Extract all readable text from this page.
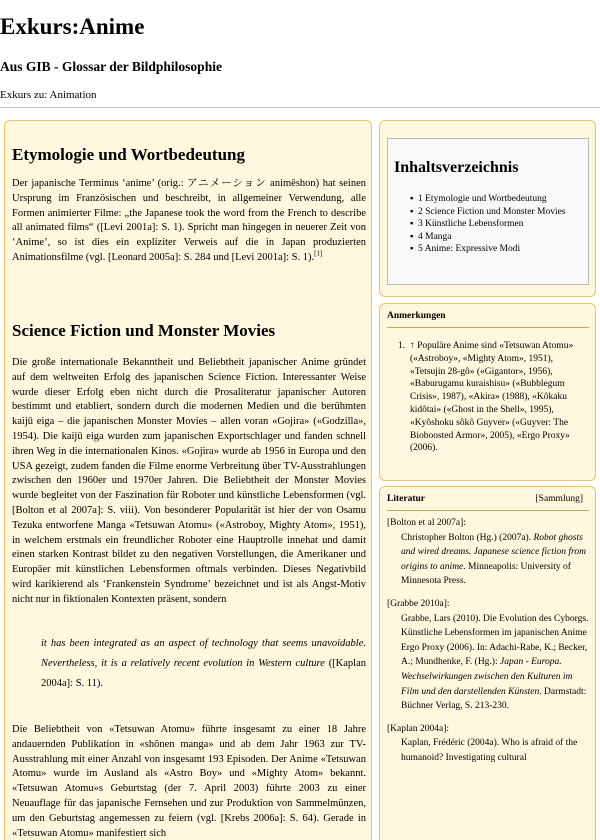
Exkurs:Anime
Aus GIB - Glossar der Bildphilosophie
Exkurs zu: Animation
Etymologie und Wortbedeutung
Der japanische Terminus ‘anime’ (orig.: アニメーション animêshon) hat seinen Ursprung im Französischen und beschreibt, in allgemeiner Verwendung, alle Formen animierter Filme: „the Japanese took the word from the French to describe all animated films“ ([Levi 2001a]: S. 1). Spricht man hingegen in neuerer Zeit von ‘Anime’, so ist dies ein expliziter Verweis auf die in Japan produzierten Animationsfilme (vgl. [Leonard 2005a]: S. 284 und [Levi 2001a]: S. 1).[1]
Science Fiction und Monster Movies
Die große internationale Bekanntheit und Beliebtheit japanischer Anime gründet auf dem weltweiten Erfolg des japanischen Science Fiction. Interessanter Weise wurde dieser Erfolg eben nicht durch die Prosaliteratur japanischer Autoren bestimmt und etabliert, sondern durch die modernen Medien und die berühmten kaijū eiga – die japanischen Monster Movies – allen voran «Gojira» («Godzilla», 1954). Die kaijū eiga wurden zum japanischen Exportschlager und fanden schnell ihren Weg in die internationalen Kinos. «Gojira» wurde ab 1956 in Europa und den USA gezeigt, zudem fanden die Filme enorme Verbreitung über TV-Ausstrahlungen zwischen den 1960er und 1970er Jahren. Die Beliebtheit der Monster Movies wurde begleitet von der Faszination für Roboter und künstliche Lebensformen (vgl. [Bolton et al 2007a]: S. viii). Von besonderer Popularität ist hier der von Osamu Tezuka entworfene Manga «Tetsuwan Atomu» («Astroboy, Mighty Atom», 1951), in welchem erstmals ein freundlicher Roboter eine Hauptrolle innehat und damit einen starken Kontrast bildet zu den negativen Vorstellungen, die Amerikaner und Europäer mit künstlichen Lebensformen oftmals verbinden. Dieses Negativbild wird karikierend als ‘Frankenstein Syndrome’ bezeichnet und ist als Angst-Motiv nicht nur in fiktionalen Kontexten präsent, sondern
it has been integrated as an aspect of technology that seems unavoidable. Nevertheless, it is a relatively recent evolution in Western culture ([Kaplan 2004a]: S. 11).
Die Beliebtheit von «Tetsuwan Atomu» führte insgesamt zu einer 18 Jahre andauernden Publikation in «shônen manga» und ab dem Jahr 1963 zur TV-Ausstrahlung mit einer Anzahl von insgesamt 193 Episoden. Der Anime «Tetsuwan Atomu» wurde im Ausland als «Astro Boy» und «Mighty Atom» bekannt. «Tetsuwan Atomu»s Geburtstag (der 7. April 2003) führte 2003 zu einer Neuauflage für das japanische Fernsehen und zur Produktion von Sammelmünzen, um den Geburtstag angemessen zu feiern (vgl. [Krebs 2006a]: S. 64). Gerade in «Tetsuwan Atomu» manifestiert sich
Inhaltsverzeichnis
▪ 1 Etymologie und Wortbedeutung
▪ 2 Science Fiction und Monster Movies
▪ 3 Künstliche Lebensformen
▪ 4 Manga
▪ 5 Anime: Expressive Modi
Anmerkungen
1. ↑ Populäre Anime sind «Tetsuwan Atomu» («Astroboy», «Mighty Atom», 1951), «Tetsujin 28-gô» («Gigantor», 1956), «Baburugamu kuraishisu» («Bubblegum Crisis», 1987), «Akira» (1988), «Kôkaku kidôtai» («Ghost in the Shell», 1995), «Kyôshoku sôkô Guyver» («Guyver: The Bioboosted Armor», 2005), «Ergo Proxy» (2006).
Literatur	[Sammlung]
[Bolton et al 2007a]:
Christopher Bolton (Hg.) (2007a). Robot ghosts and wired dreams. Japanese science fiction from origins to anime. Minneapolis: University of Minnesota Press.
[Grabbe 2010a]:
Grabbe, Lars (2010). Die Evolution des Cyborgs. Künstliche Lebensformen im japanischen Anime Ergo Proxy (2006). In: Adachi-Rabe, K.; Becker, A.; Mundhenke, F. (Hg.): Japan - Europa. Wechselwirkungen zwischen den Kulturen im Film und den darstellenden Künsten. Darmstadt: Büchner Verlag, S. 213-230.
[Kaplan 2004a]:
Kaplan, Frédéric (2004a). Who is afraid of the humanoid? Investigating cultural
